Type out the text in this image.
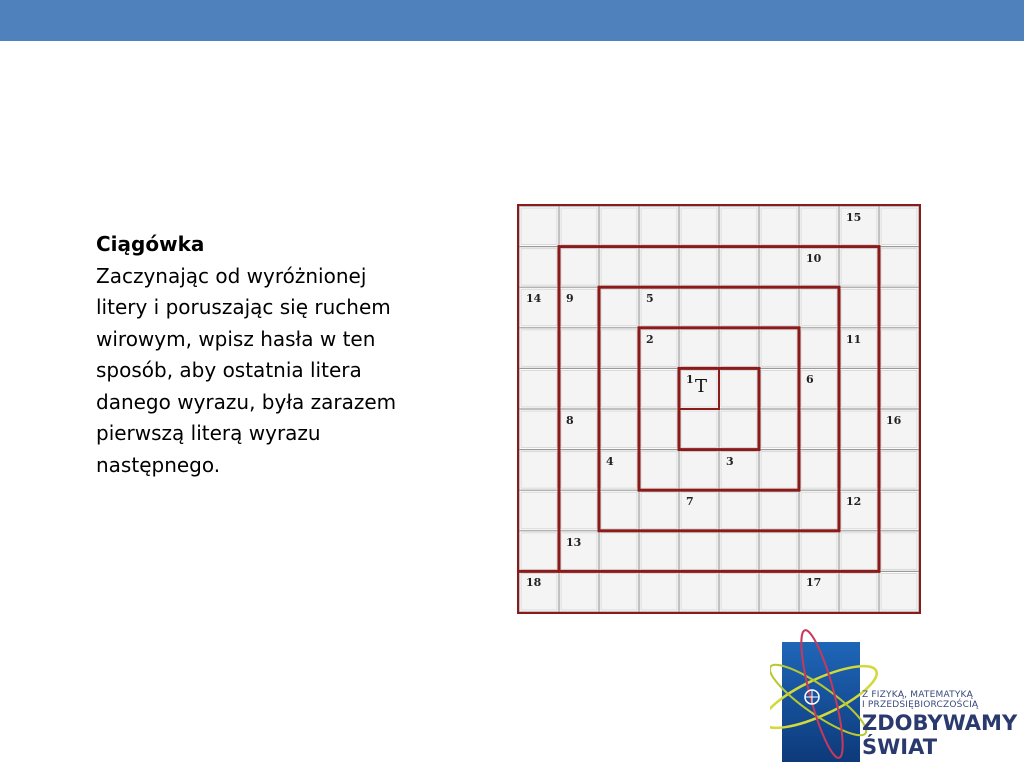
Ciągówka
Zaczynając od wyróżnionej
litery i poruszając się ruchem
wirowym, wpisz hasła w ten
sposób, aby ostatnia litera
danego wyrazu, była zarazem
pierwszą literą wyrazu
następnego.
T
15
10
14 9	5
2	11
1	6
8	16
4	3
7	12
13
18	17
Z FIZYKĄ, MATEMATYKĄ
I PRZEDSIĘBIORCZOŚCIĄ
ZDOBYWAMY
ŚWIAT
